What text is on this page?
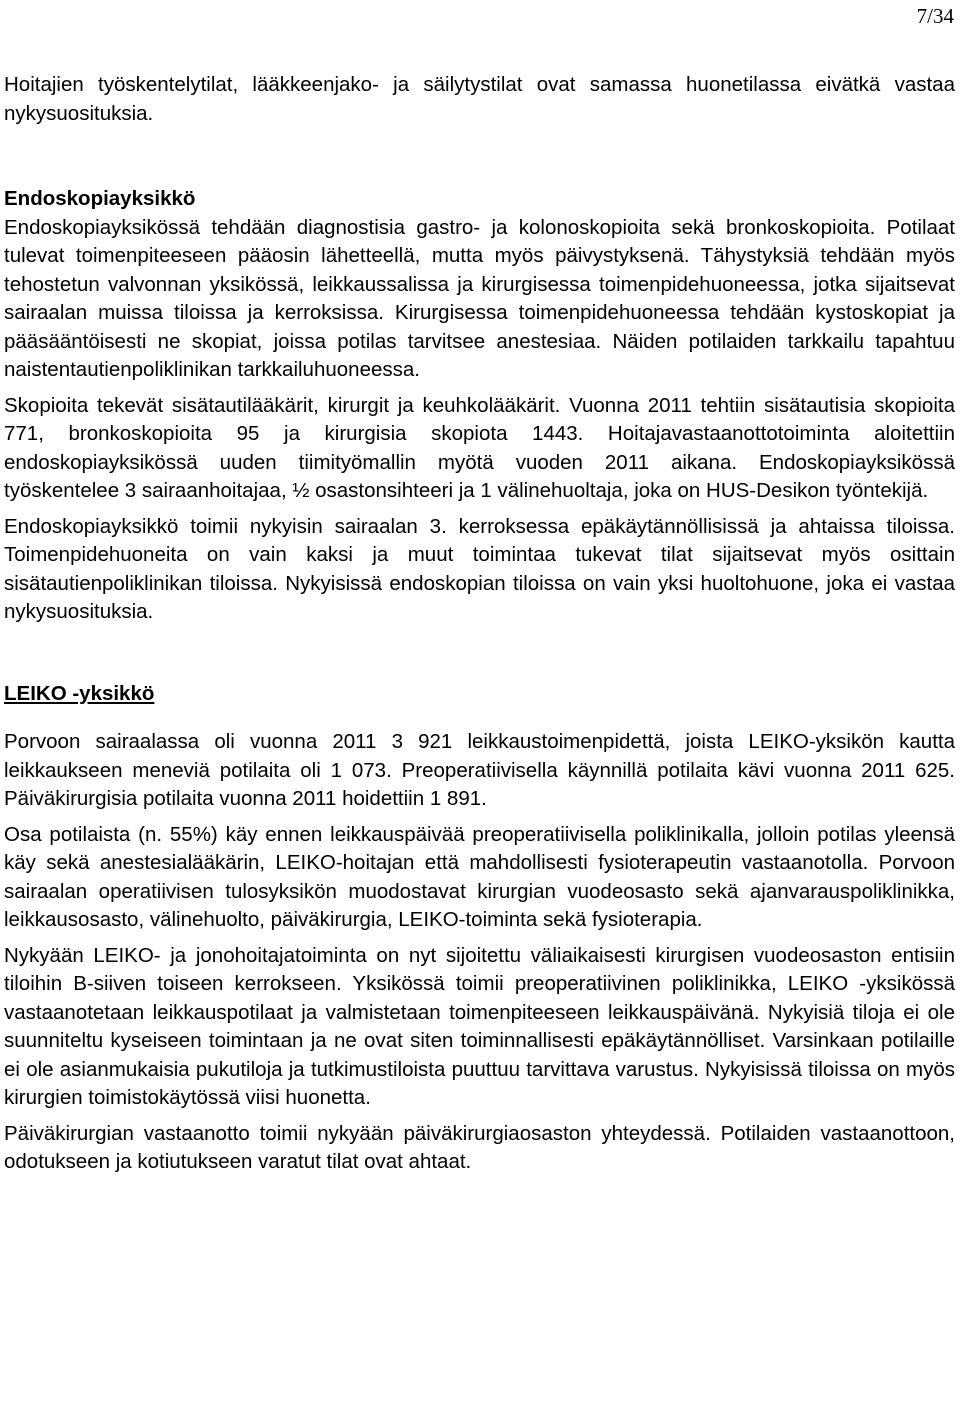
7/34

Hoitajien työskentelytilat, lääkkeenjako- ja säilytystilat ovat samassa huonetilassa eivätkä vastaa nykysuosituksia.

Endoskopiayksikkö

Endoskopiayksikössä tehdään diagnostisia gastro- ja kolonoskopioita sekä bronkoskopioita. Potilaat tulevat toimenpiteeseen pääosin lähetteellä, mutta myös päivystyksenä. Tähystyksiä tehdään myös tehostetun valvonnan yksikössä, leikkaussalissa ja kirurgisessa toimenpidehuoneessa, jotka sijaitsevat sairaalan muissa tiloissa ja kerroksissa. Kirurgisessa toimenpidehuoneessa tehdään kystoskopiat ja pääsääntöisesti ne skopiat, joissa potilas tarvitsee anestesiaa. Näiden potilaiden tarkkailu tapahtuu naistentautienpoliklinikan tarkkailuhuoneessa.

Skopioita tekevät sisätautilääkärit, kirurgit ja keuhkolääkärit. Vuonna 2011 tehtiin sisätautisia skopioita 771, bronkoskopioita 95 ja kirurgisia skopiota 1443. Hoitajavastaanottotoiminta aloitettiin endoskopiayksikössä uuden tiimityömallin myötä vuoden 2011 aikana. Endoskopiayksikössä työskentelee 3 sairaanhoitajaa, ½ osastonsihteeri ja 1 välinehuoltaja, joka on HUS-Desikon työntekijä.

Endoskopiayksikkö toimii nykyisin sairaalan 3. kerroksessa epäkäytännöllisissä ja ahtaissa tiloissa. Toimenpidehuoneita on vain kaksi ja muut toimintaa tukevat tilat sijaitsevat myös osittain sisätautienpoliklinikan tiloissa. Nykyisissä endoskopian tiloissa on vain yksi huoltohuone, joka ei vastaa nykysuosituksia.

LEIKO -yksikkö

Porvoon sairaalassa oli vuonna 2011 3 921 leikkaustoimenpidettä, joista LEIKO-yksikön kautta leikkaukseen meneviä potilaita oli 1 073. Preoperatiivisella käynnillä potilaita kävi vuonna 2011 625. Päiväkirurgisia potilaita vuonna 2011 hoidettiin 1 891.

Osa potilaista (n. 55%) käy ennen leikkauspäivää preoperatiivisella poliklinikalla, jolloin potilas yleensä käy sekä anestesialääkärin, LEIKO-hoitajan että mahdollisesti fysioterapeutin vastaanotolla. Porvoon sairaalan operatiivisen tulosyksikön muodostavat kirurgian vuodeosasto sekä ajanvarauspoliklinikka, leikkausosasto, välinehuolto, päiväkirurgia, LEIKO-toiminta sekä fysioterapia.

Nykyään LEIKO- ja jonohoitajatoiminta on nyt sijoitettu väliaikaisesti kirurgisen vuodeosaston entisiin tiloihin B-siiven toiseen kerrokseen. Yksikössä toimii preoperatiivinen poliklinikka, LEIKO -yksikössä vastaanotetaan leikkauspotilaat ja valmistetaan toimenpiteeseen leikkauspäivänä. Nykyisiä tiloja ei ole suunniteltu kyseiseen toimintaan ja ne ovat siten toiminnallisesti epäkäytännölliset. Varsinkaan potilaille ei ole asianmukaisia pukutiloja ja tutkimustiloista puuttuu tarvittava varustus. Nykyisissä tiloissa on myös kirurgien toimistokäytössä viisi huonetta.

Päiväkirurgian vastaanotto toimii nykyään päiväkirurgiaosaston yhteydessä. Potilaiden vastaanottoon, odotukseen ja kotiutukseen varatut tilat ovat ahtaat.
